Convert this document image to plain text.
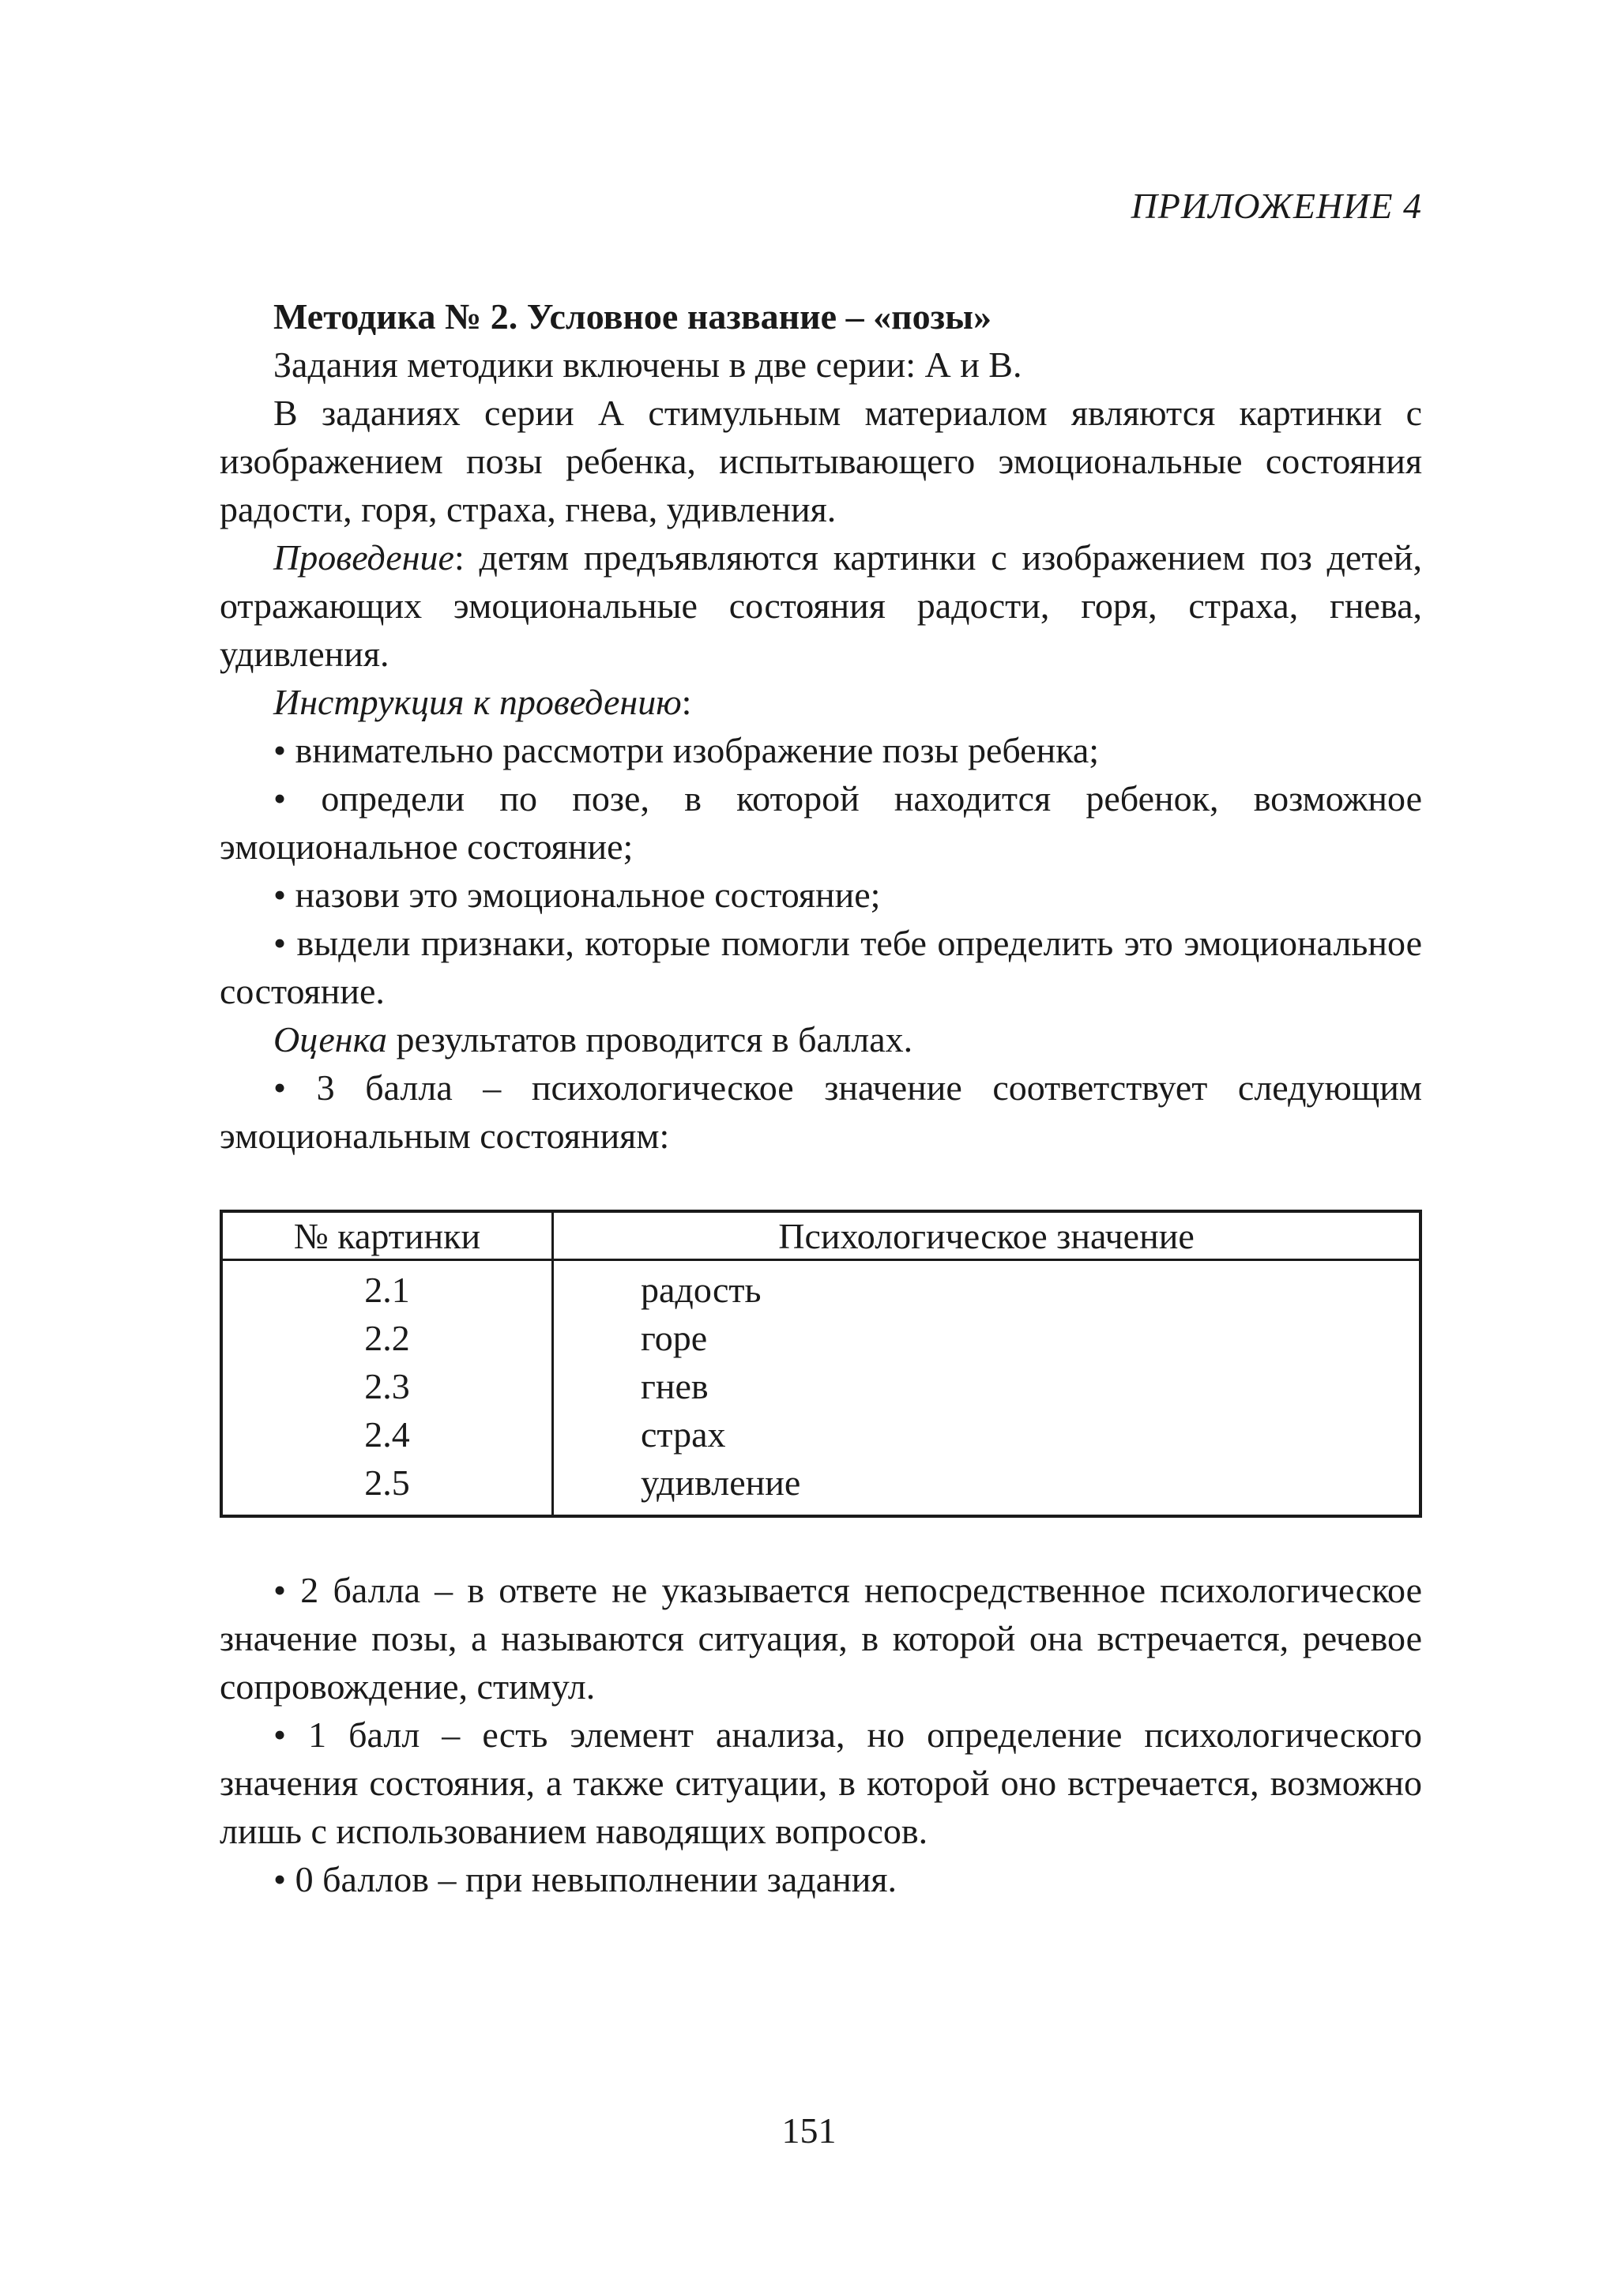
ПРИЛОЖЕНИЕ 4

Методика № 2. Условное название – «позы»

Задания методики включены в две серии: А и В.

В заданиях серии А стимульным материалом являются картинки с изображением позы ребенка, испытывающего эмоциональные состояния радости, горя, страха, гнева, удивления.

Проведение: детям предъявляются картинки с изображением поз детей, отражающих эмоциональные состояния радости, горя, страха, гнева, удивления.

Инструкция к проведению:

• внимательно рассмотри изображение позы ребенка;

• определи по позе, в которой находится ребенок, возможное эмоциональное состояние;

• назови это эмоциональное состояние;

• выдели признаки, которые помогли тебе определить это эмоциональное состояние.

Оценка результатов проводится в баллах.

• 3 балла – психологическое значение соответствует следующим эмоциональным состояниям:

№ картинки	Психологическое значение
2.1	радость
2.2	горе
2.3	гнев
2.4	страх
2.5	удивление

• 2 балла – в ответе не указывается непосредственное психологическое значение позы, а называются ситуация, в которой она встречается, речевое сопровождение, стимул.

• 1 балл – есть элемент анализа, но определение психологического значения состояния, а также ситуации, в которой оно встречается, возможно лишь с использованием наводящих вопросов.

• 0 баллов – при невыполнении задания.

151
